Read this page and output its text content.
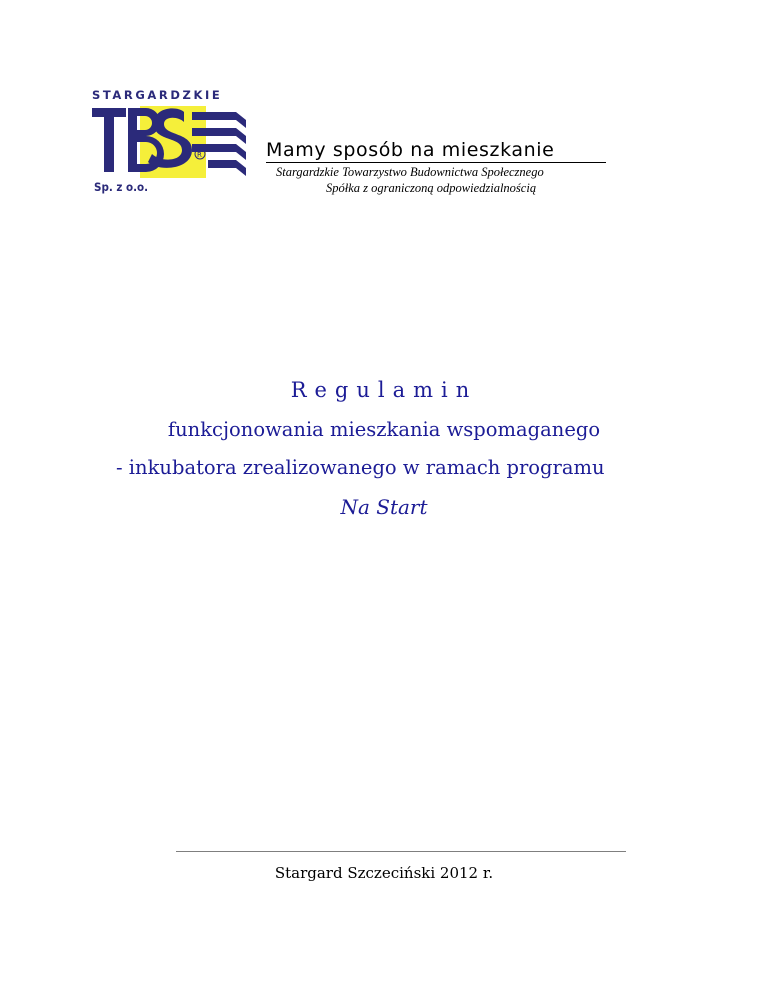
STARGARDZKIE
R
Sp. z o.o.
Mamy sposób na mieszkanie
Stargardzkie Towarzystwo Budownictwa Społecznego
Spółka z ograniczoną odpowiedzialnością
Regulamin
funkcjonowania mieszkania wspomaganego
- inkubatora zrealizowanego w ramach programu
Na Start
Stargard Szczeciński 2012 r.
